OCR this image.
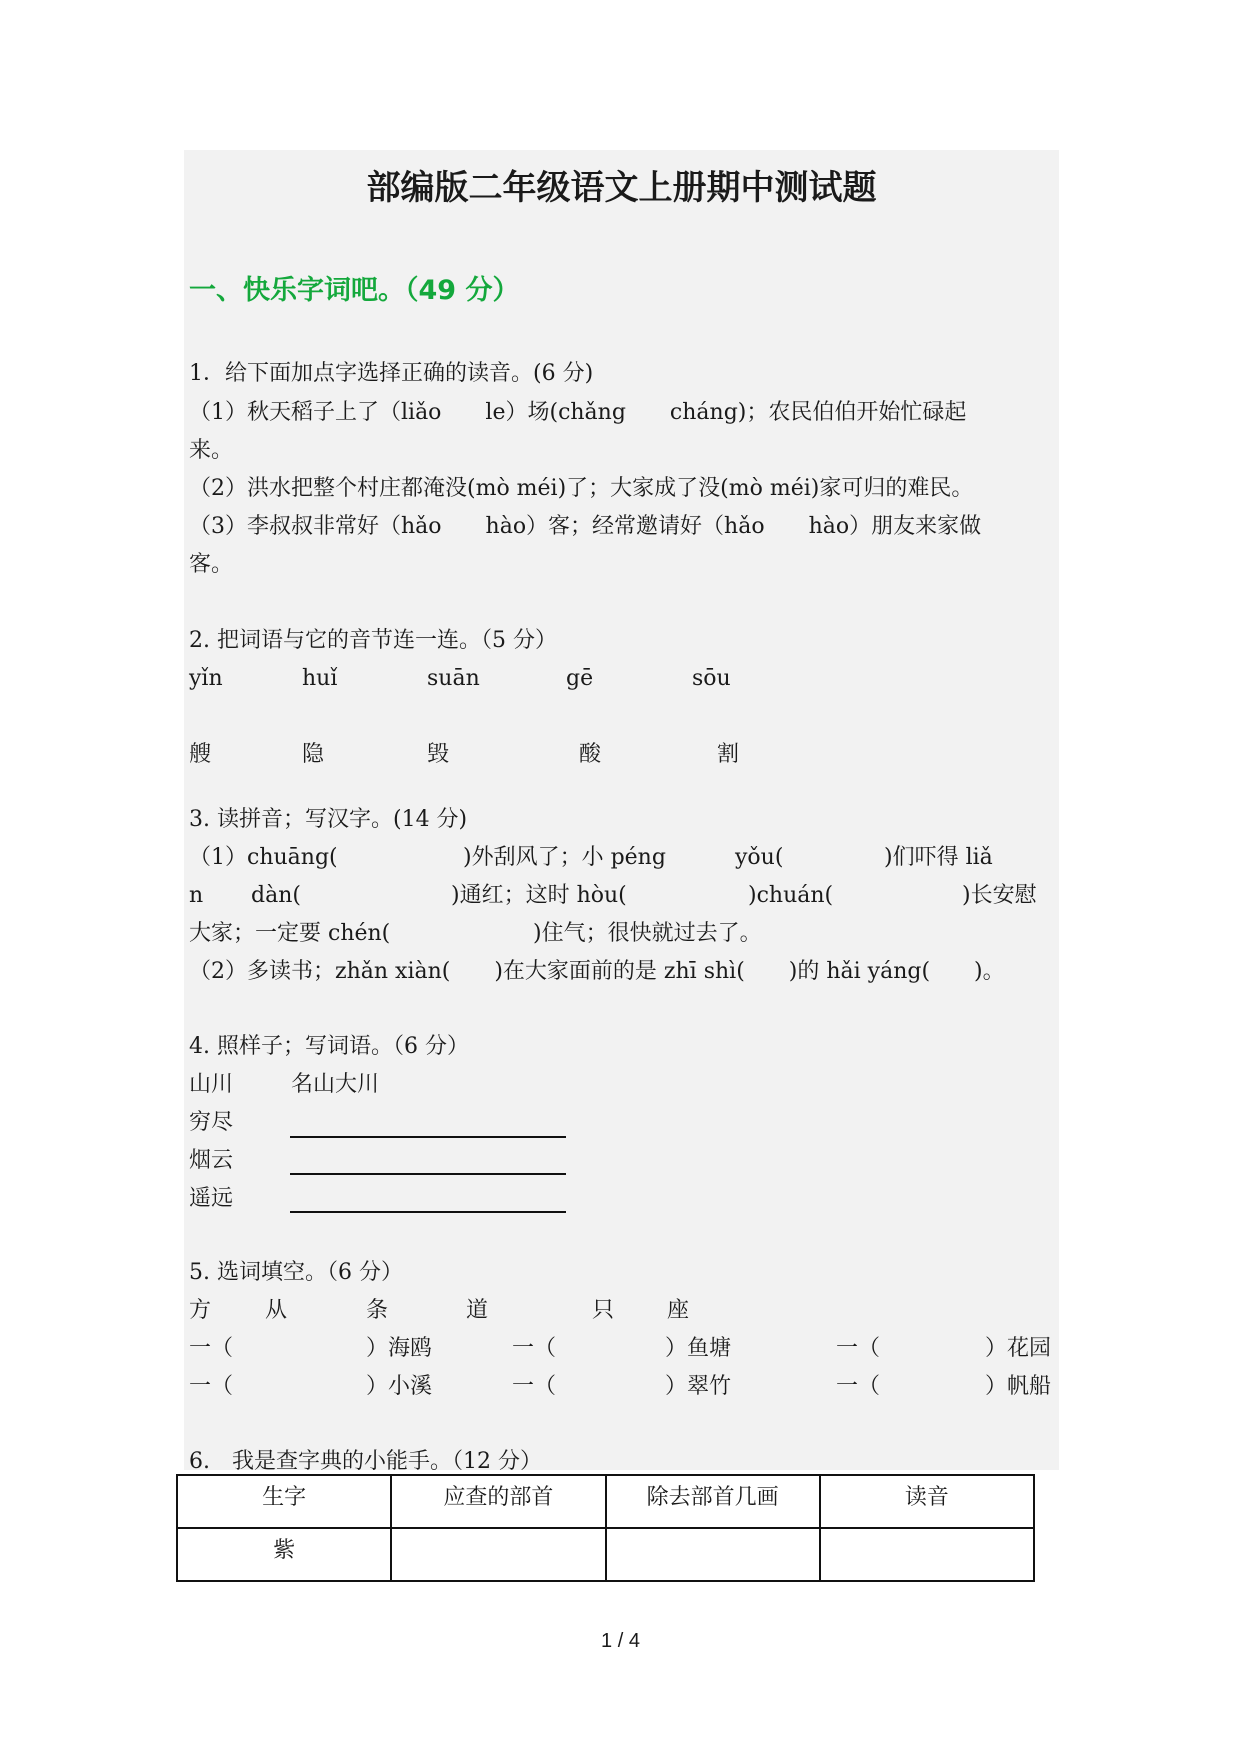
部编版二年级语文上册期中测试题
一、快乐字词吧。（49 分）
1．给下面加点字选择正确的读音。(6 分)
（1）秋天稻子上了（liǎo　　le）场(chǎng　　cháng)；农民伯伯开始忙碌起
来。
（2）洪水把整个村庄都淹没(mò méi)了；大家成了没(mò méi)家可归的难民。
（3）李叔叔非常好（hǎo　　hào）客；经常邀请好（hǎo　　hào）朋友来家做
客。
2. 把词语与它的音节连一连。（5 分）
yǐn	huǐ	suān	gē	sōu
艘	隐	毁	酸	割
3. 读拼音；写汉字。(14 分)
（1）chuāng(	)外刮风了；小 péng	yǒu(	)们吓得 liǎ
n dàn(	)通红；这时 hòu(	)chuán(	)长安慰
大家；一定要 chén(	)住气；很快就过去了。
（2）多读书；zhǎn xiàn(　　)在大家面前的是 zhī shì(　　)的 hǎi yáng(　　)。
4. 照样子；写词语。（6 分）
山川	名山大川
穷尽
烟云
遥远
5. 选词填空。（6 分）
方 从	条	道	只 座
一（	）海鸥	一（	）鱼塘	一（	）花园
一（	）小溪	一（	）翠竹	一（	）帆船
6.　我是查字典的小能手。（12 分）
生字	应查的部首	除去部首几画	读音
紫			
1 / 4
